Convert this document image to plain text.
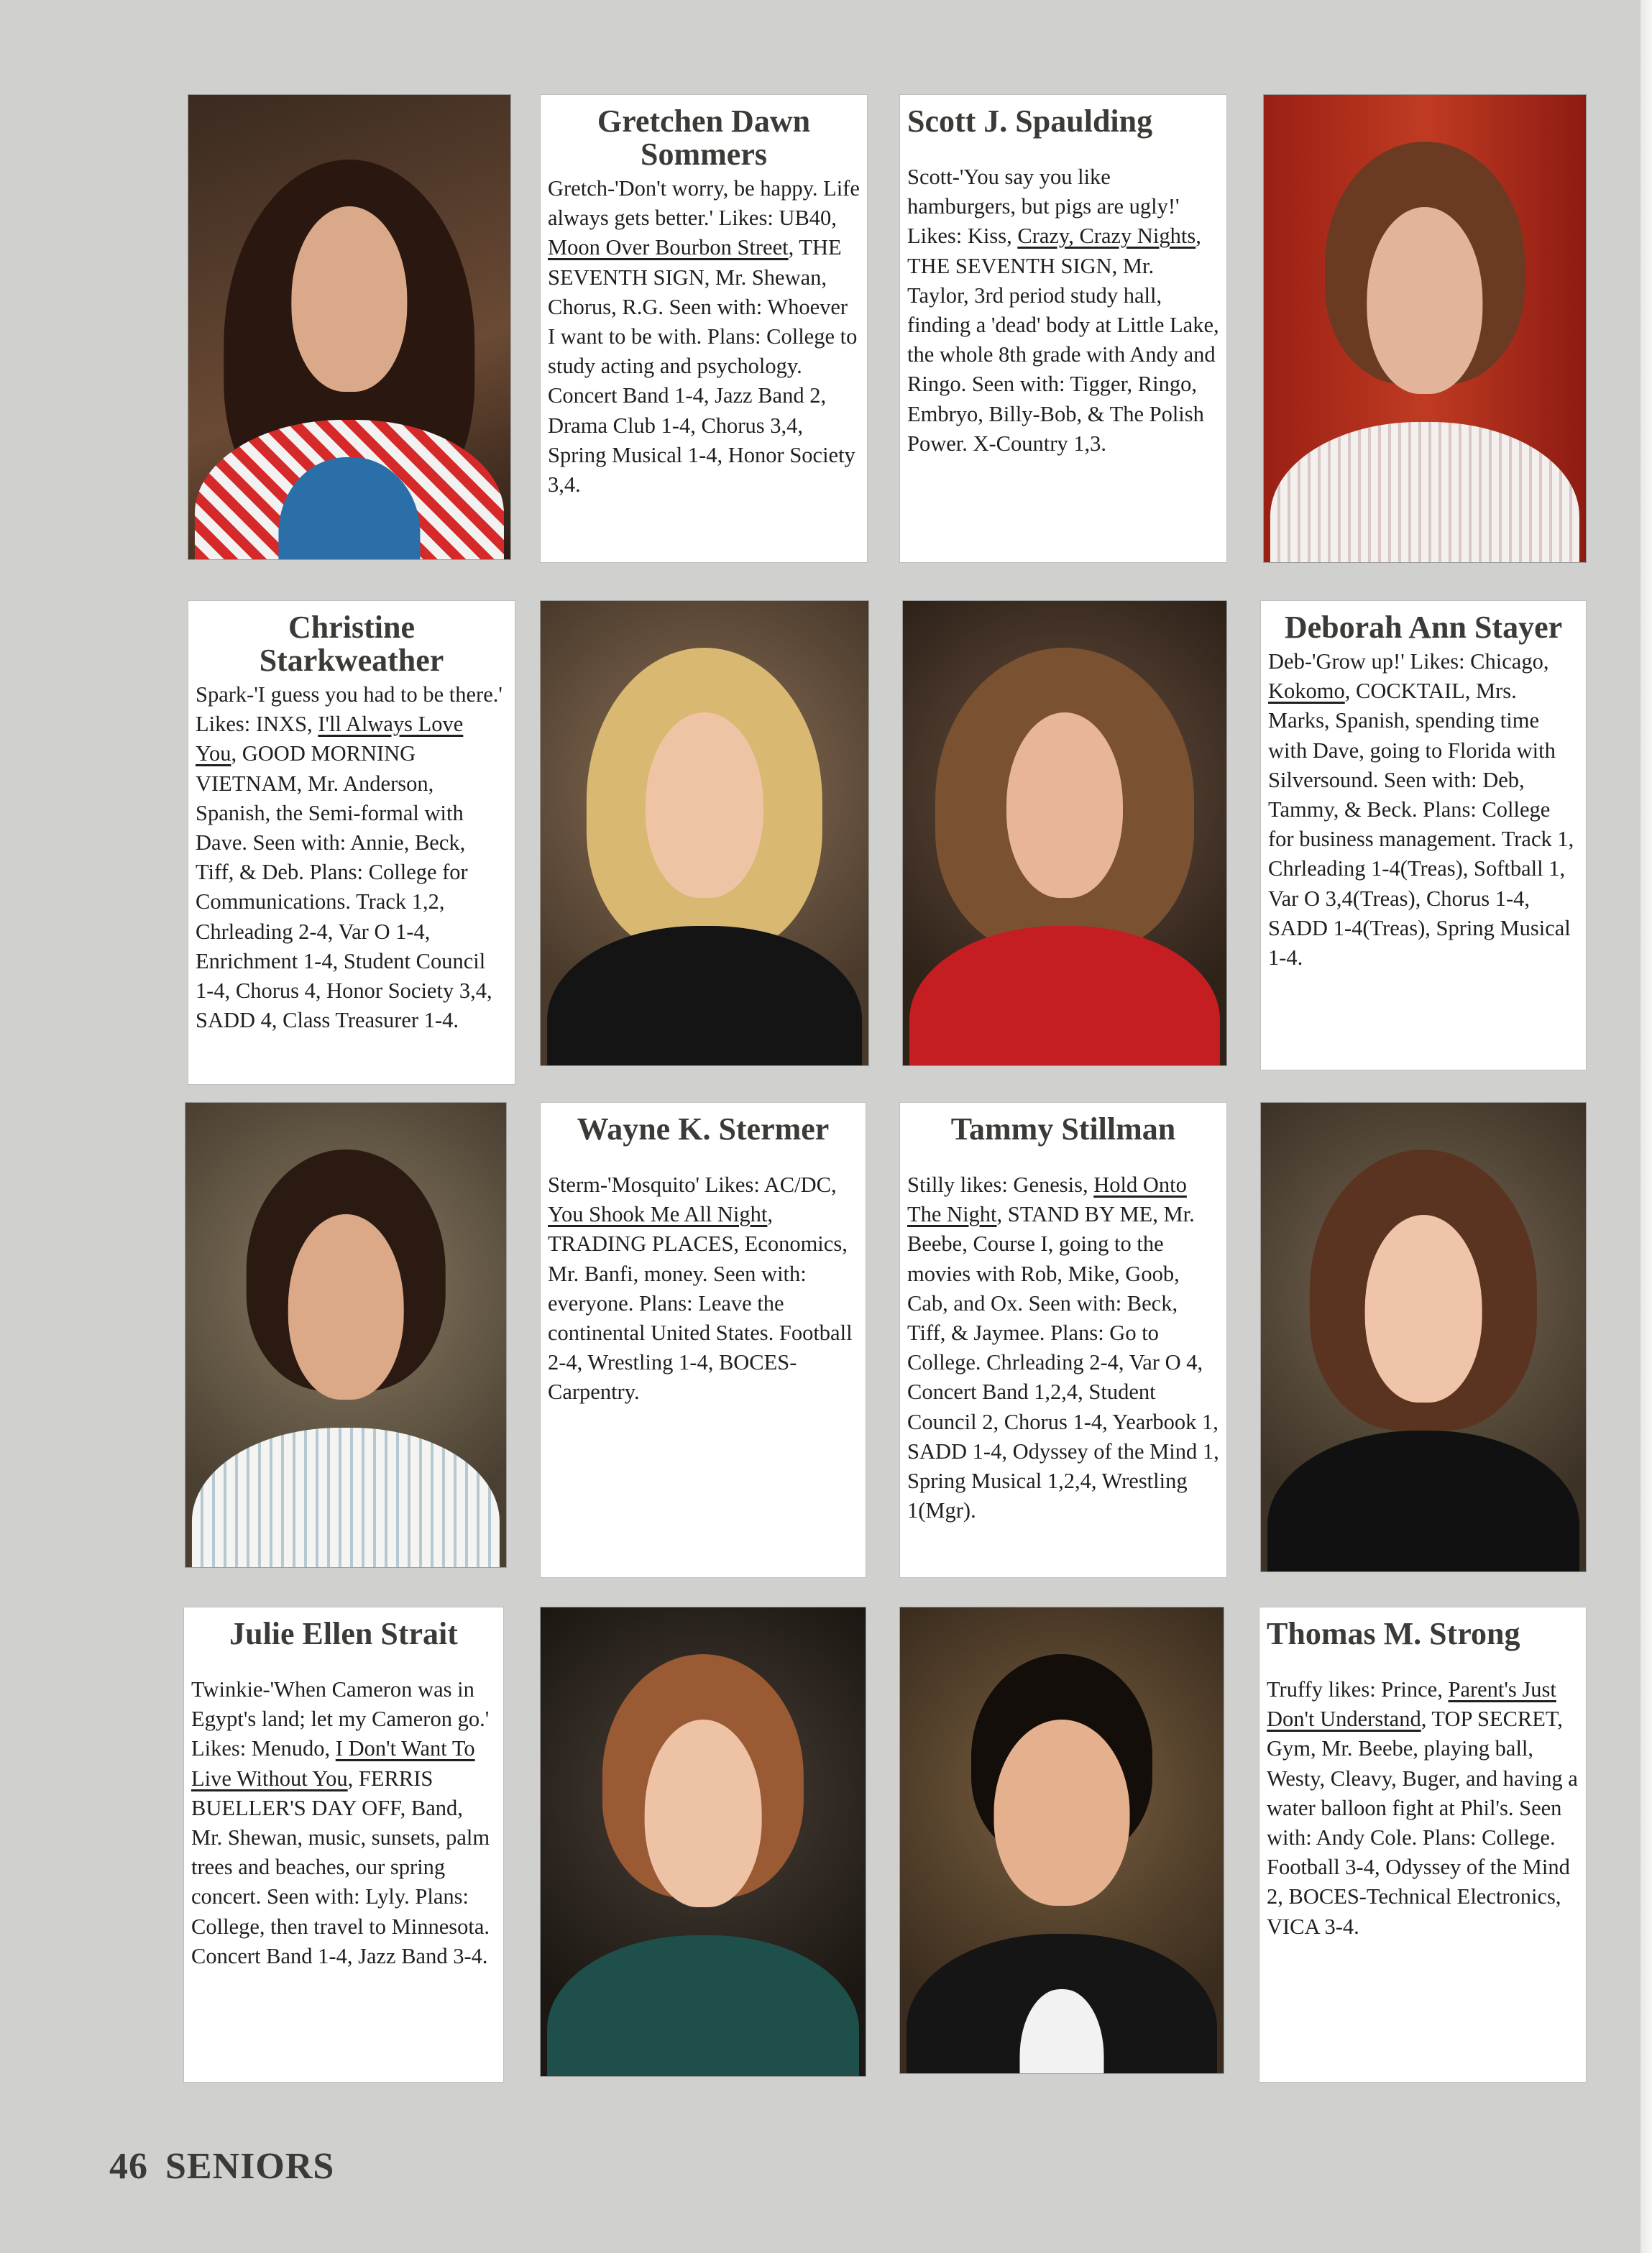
Gretchen Dawn Sommers

Gretch-'Don't worry, be happy. Life always gets better.' Likes: UB40, Moon Over Bourbon Street, THE SEVENTH SIGN, Mr. Shewan, Chorus, R.G. Seen with: Whoever I want to be with. Plans: College to study acting and psychology. Concert Band 1-4, Jazz Band 2, Drama Club 1-4, Chorus 3,4, Spring Musical 1-4, Honor Society 3,4.

Scott J. Spaulding

Scott-'You say you like hamburgers, but pigs are ugly!' Likes: Kiss, Crazy, Crazy Nights, THE SEVENTH SIGN, Mr. Taylor, 3rd period study hall, finding a 'dead' body at Little Lake, the whole 8th grade with Andy and Ringo. Seen with: Tigger, Ringo, Embryo, Billy-Bob, & The Polish Power. X-Country 1,3.

Christine Starkweather

Spark-'I guess you had to be there.' Likes: INXS, I'll Always Love You, GOOD MORNING VIETNAM, Mr. Anderson, Spanish, the Semi-formal with Dave. Seen with: Annie, Beck, Tiff, & Deb. Plans: College for Communications. Track 1,2, Chrleading 2-4, Var O 1-4, Enrichment 1-4, Student Council 1-4, Chorus 4, Honor Society 3,4, SADD 4, Class Treasurer 1-4.

Deborah Ann Stayer

Deb-'Grow up!' Likes: Chicago, Kokomo, COCKTAIL, Mrs. Marks, Spanish, spending time with Dave, going to Florida with Silversound. Seen with: Deb, Tammy, & Beck. Plans: College for business management. Track 1, Chrleading 1-4(Treas), Softball 1, Var O 3,4(Treas), Chorus 1-4, SADD 1-4(Treas), Spring Musical 1-4.

Wayne K. Stermer

Sterm-'Mosquito' Likes: AC/DC, You Shook Me All Night, TRADING PLACES, Economics, Mr. Banfi, money. Seen with: everyone. Plans: Leave the continental United States. Football 2-4, Wrestling 1-4, BOCES-Carpentry.

Tammy Stillman

Stilly likes: Genesis, Hold Onto The Night, STAND BY ME, Mr. Beebe, Course I, going to the movies with Rob, Mike, Goob, Cab, and Ox. Seen with: Beck, Tiff, & Jaymee. Plans: Go to College. Chrleading 2-4, Var O 4, Concert Band 1,2,4, Student Council 2, Chorus 1-4, Yearbook 1, SADD 1-4, Odyssey of the Mind 1, Spring Musical 1,2,4, Wrestling 1(Mgr).

Julie Ellen Strait

Twinkie-'When Cameron was in Egypt's land; let my Cameron go.' Likes: Menudo, I Don't Want To Live Without You, FERRIS BUELLER'S DAY OFF, Band, Mr. Shewan, music, sunsets, palm trees and beaches, our spring concert. Seen with: Lyly. Plans: College, then travel to Minnesota. Concert Band 1-4, Jazz Band 3-4.

Thomas M. Strong

Truffy likes: Prince, Parent's Just Don't Understand, TOP SECRET, Gym, Mr. Beebe, playing ball, Westy, Cleavy, Buger, and having a water balloon fight at Phil's. Seen with: Andy Cole. Plans: College. Football 3-4, Odyssey of the Mind 2, BOCES-Technical Electronics, VICA 3-4.

46 SENIORS
